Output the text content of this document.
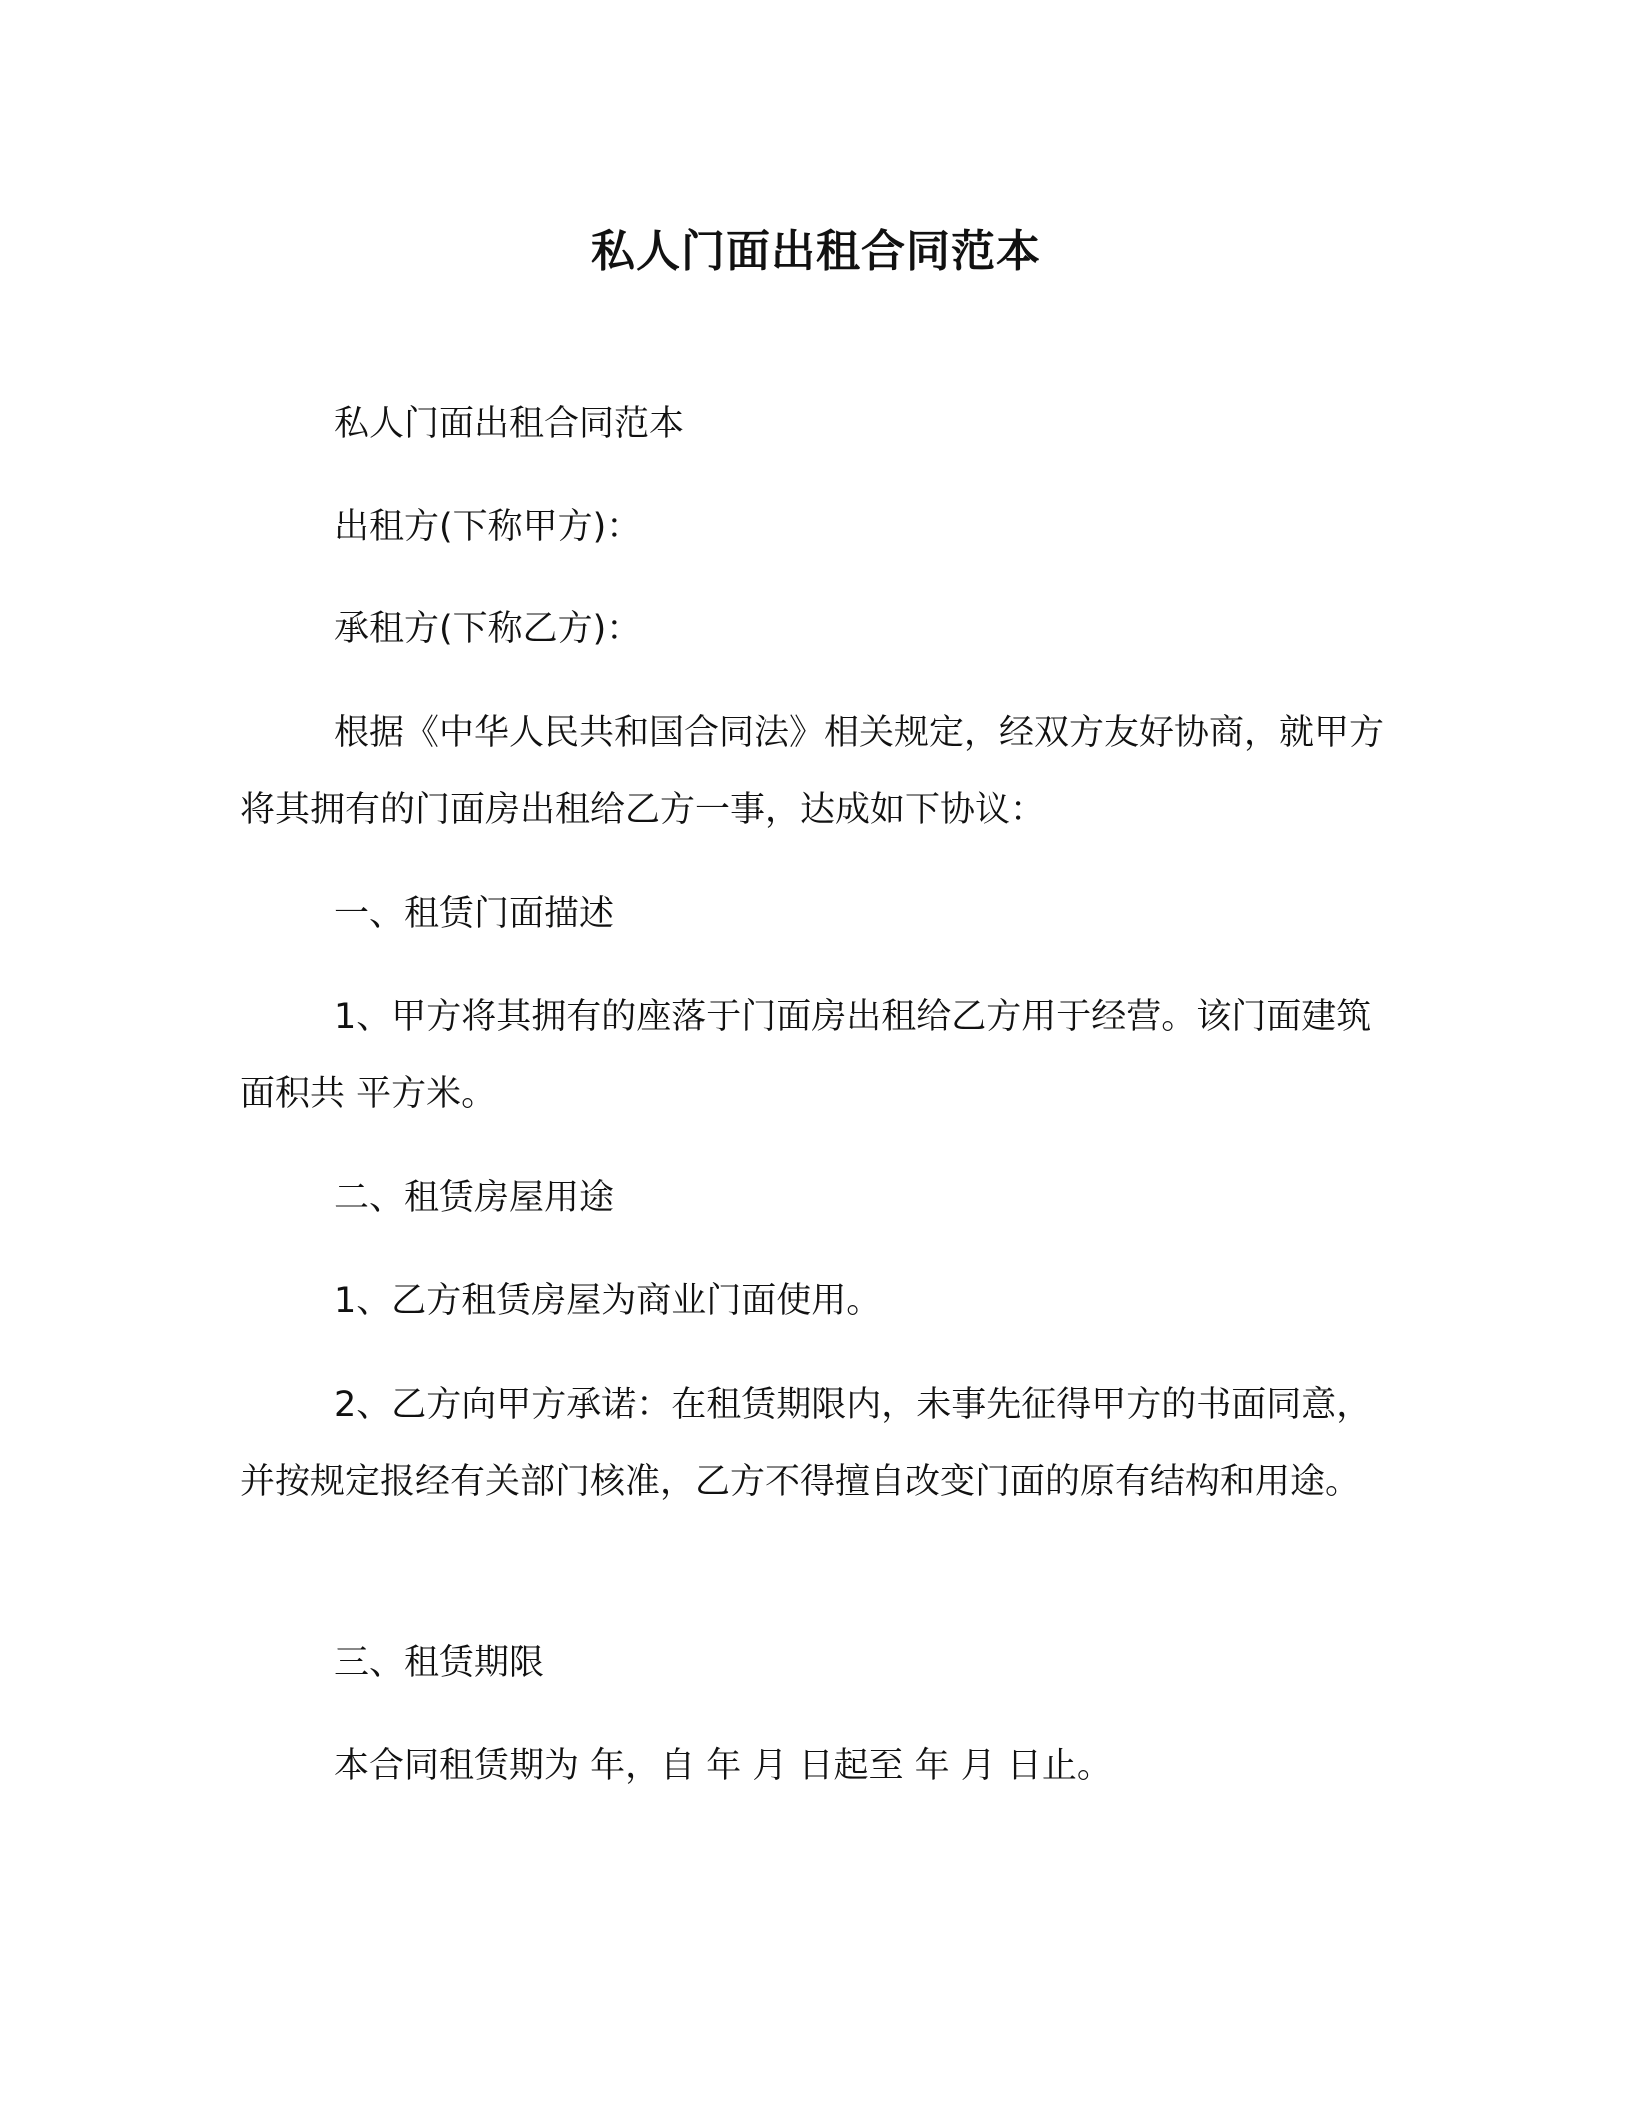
私人门面出租合同范本
私人门面出租合同范本
出租方(下称甲方)：
承租方(下称乙方)：
根据《中华人民共和国合同法》相关规定，经双方友好协商，就甲方将其拥有的门面房出租给乙方一事，达成如下协议：
一、租赁门面描述
1、甲方将其拥有的座落于门面房出租给乙方用于经营。该门面建筑面积共 平方米。
二、租赁房屋用途
1、乙方租赁房屋为商业门面使用。
2、乙方向甲方承诺：在租赁期限内，未事先征得甲方的书面同意，并按规定报经有关部门核准，乙方不得擅自改变门面的原有结构和用途。
三、租赁期限
本合同租赁期为 年，自 年 月 日起至 年 月 日止。
